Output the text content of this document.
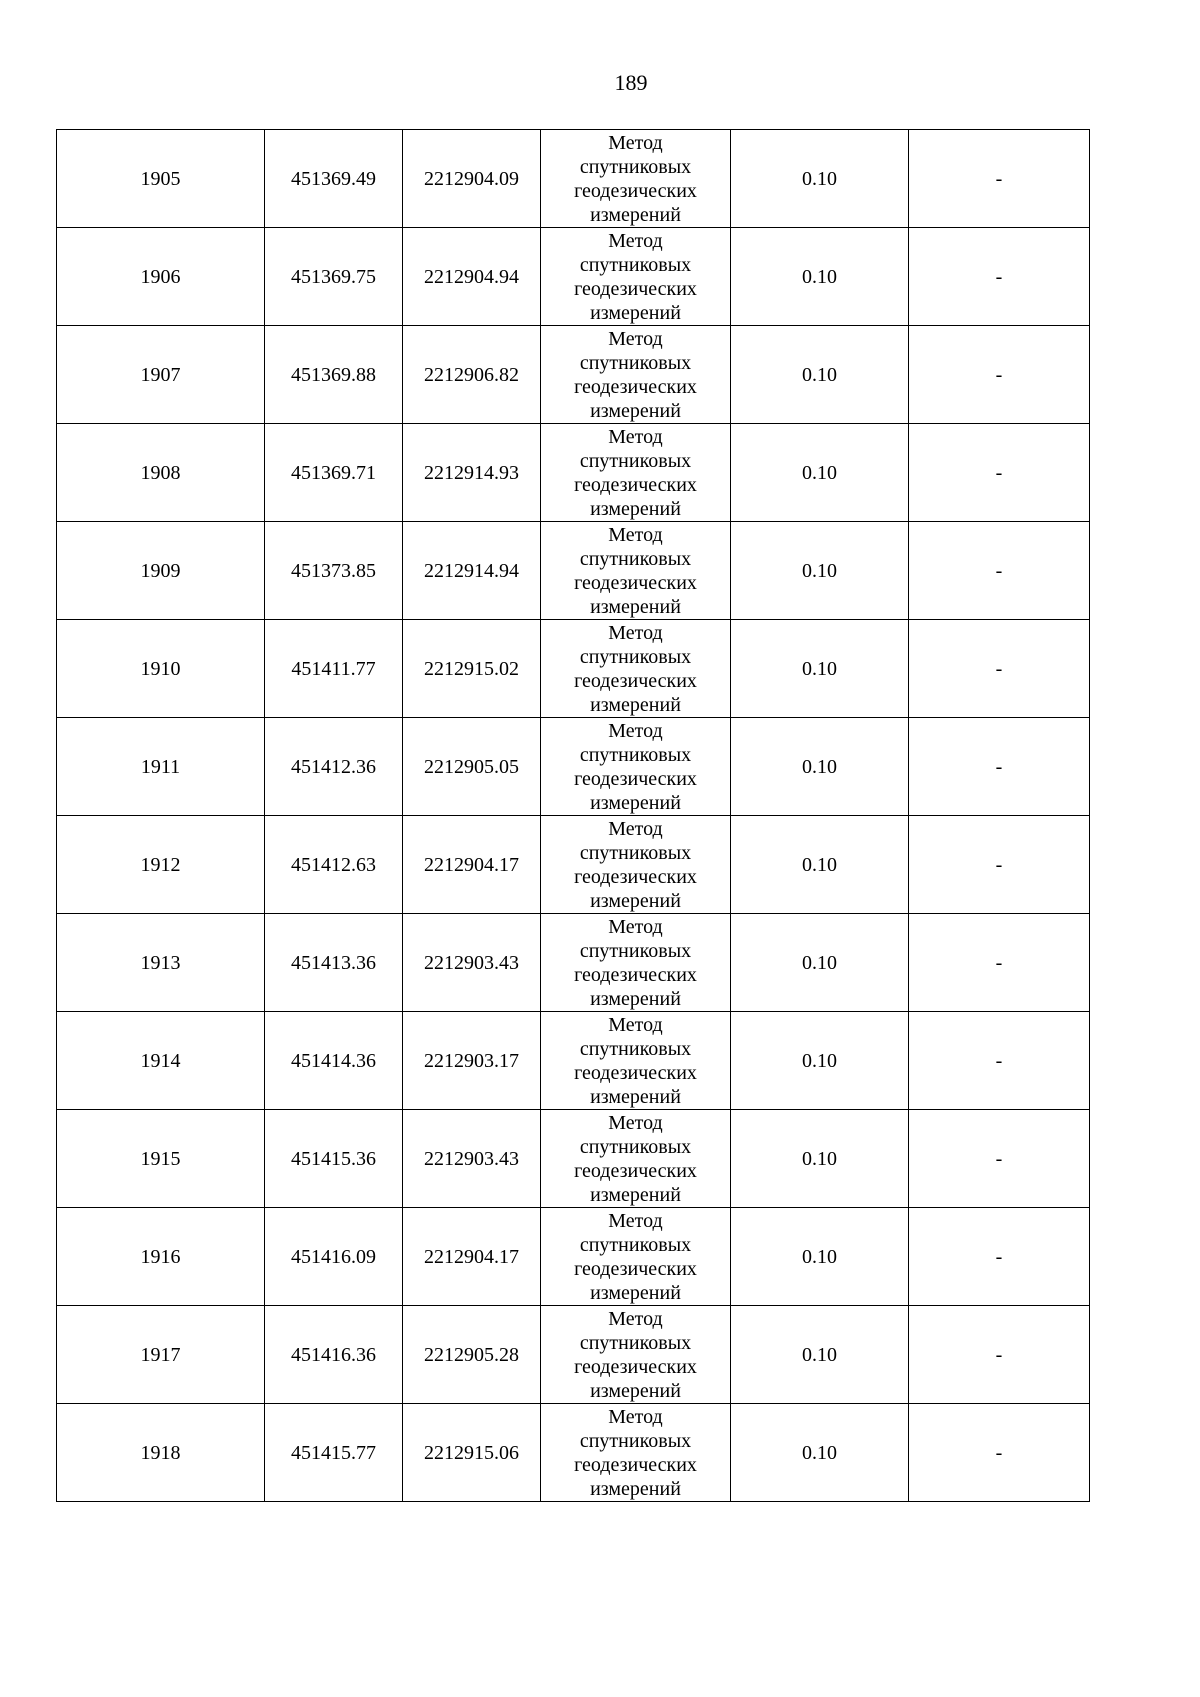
189
1905	451369.49	2212904.09	Метод
спутниковых
геодезических
измерений	0.10	-
1906	451369.75	2212904.94	Метод
спутниковых
геодезических
измерений	0.10	-
1907	451369.88	2212906.82	Метод
спутниковых
геодезических
измерений	0.10	-
1908	451369.71	2212914.93	Метод
спутниковых
геодезических
измерений	0.10	-
1909	451373.85	2212914.94	Метод
спутниковых
геодезических
измерений	0.10	-
1910	451411.77	2212915.02	Метод
спутниковых
геодезических
измерений	0.10	-
1911	451412.36	2212905.05	Метод
спутниковых
геодезических
измерений	0.10	-
1912	451412.63	2212904.17	Метод
спутниковых
геодезических
измерений	0.10	-
1913	451413.36	2212903.43	Метод
спутниковых
геодезических
измерений	0.10	-
1914	451414.36	2212903.17	Метод
спутниковых
геодезических
измерений	0.10	-
1915	451415.36	2212903.43	Метод
спутниковых
геодезических
измерений	0.10	-
1916	451416.09	2212904.17	Метод
спутниковых
геодезических
измерений	0.10	-
1917	451416.36	2212905.28	Метод
спутниковых
геодезических
измерений	0.10	-
1918	451415.77	2212915.06	Метод
спутниковых
геодезических
измерений	0.10	-
